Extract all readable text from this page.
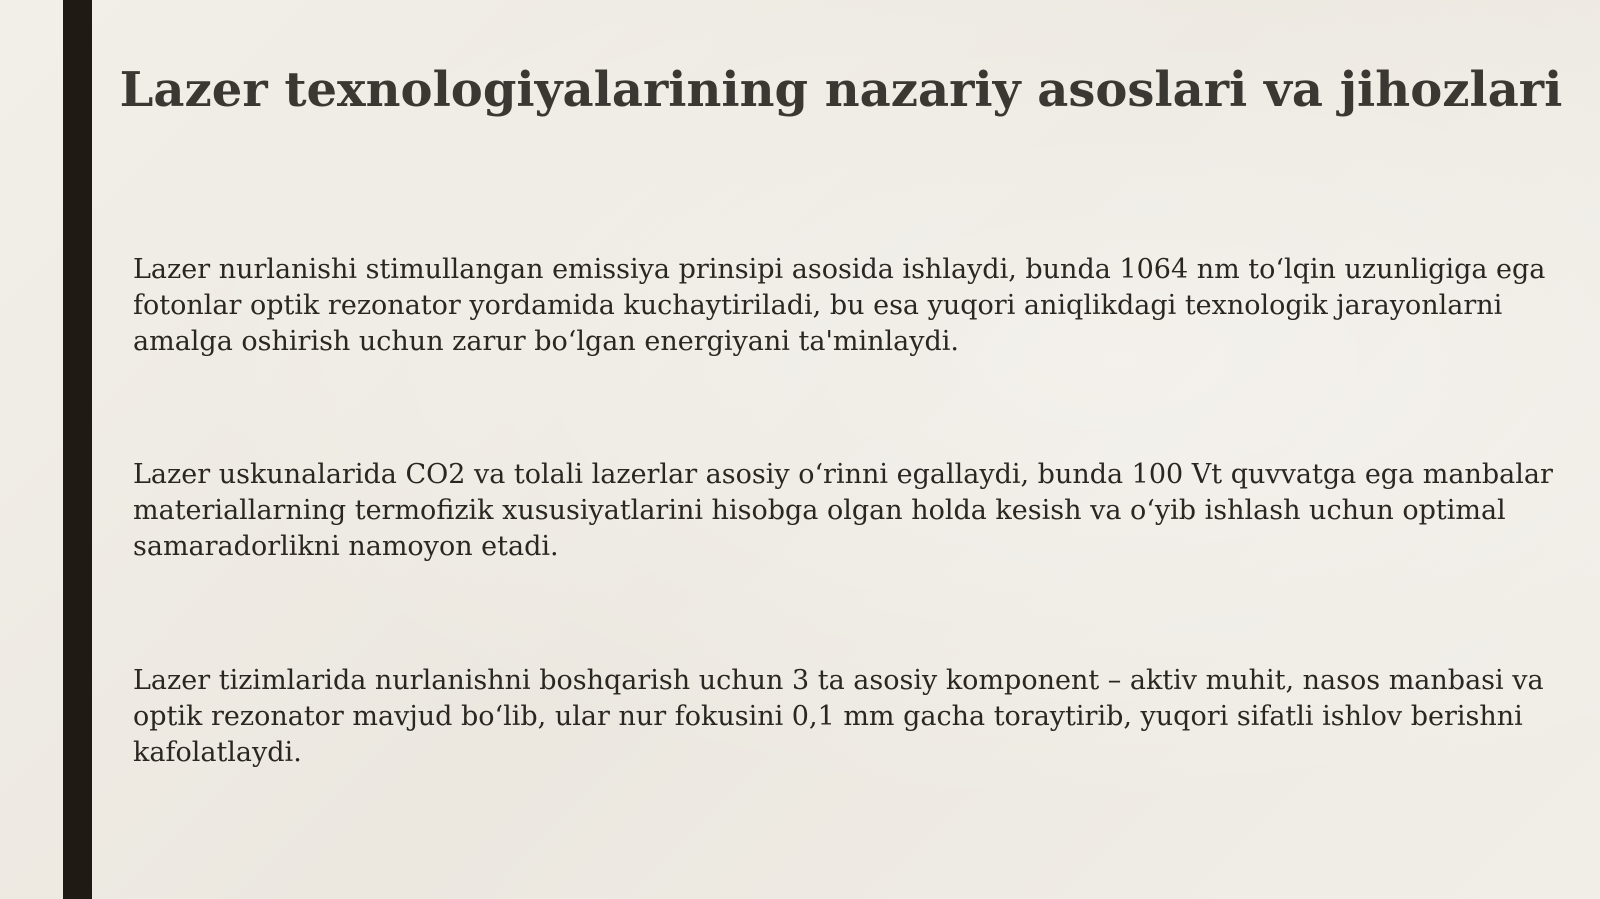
Lazer texnologiyalarining nazariy asoslari va jihozlari
Lazer nurlanishi stimullangan emissiya prinsipi asosida ishlaydi, bunda 1064 nm to‘lqin uzunligiga ega fotonlar optik rezonator yordamida kuchaytiriladi, bu esa yuqori aniqlikdagi texnologik jarayonlarni amalga oshirish uchun zarur bo‘lgan energiyani ta'minlaydi.
Lazer uskunalarida CO2 va tolali lazerlar asosiy o‘rinni egallaydi, bunda 100 Vt quvvatga ega manbalar materiallarning termofizik xususiyatlarini hisobga olgan holda kesish va o‘yib ishlash uchun optimal samaradorlikni namoyon etadi.
Lazer tizimlarida nurlanishni boshqarish uchun 3 ta asosiy komponent – aktiv muhit, nasos manbasi va optik rezonator mavjud bo‘lib, ular nur fokusini 0,1 mm gacha toraytirib, yuqori sifatli ishlov berishni kafolatlaydi.
